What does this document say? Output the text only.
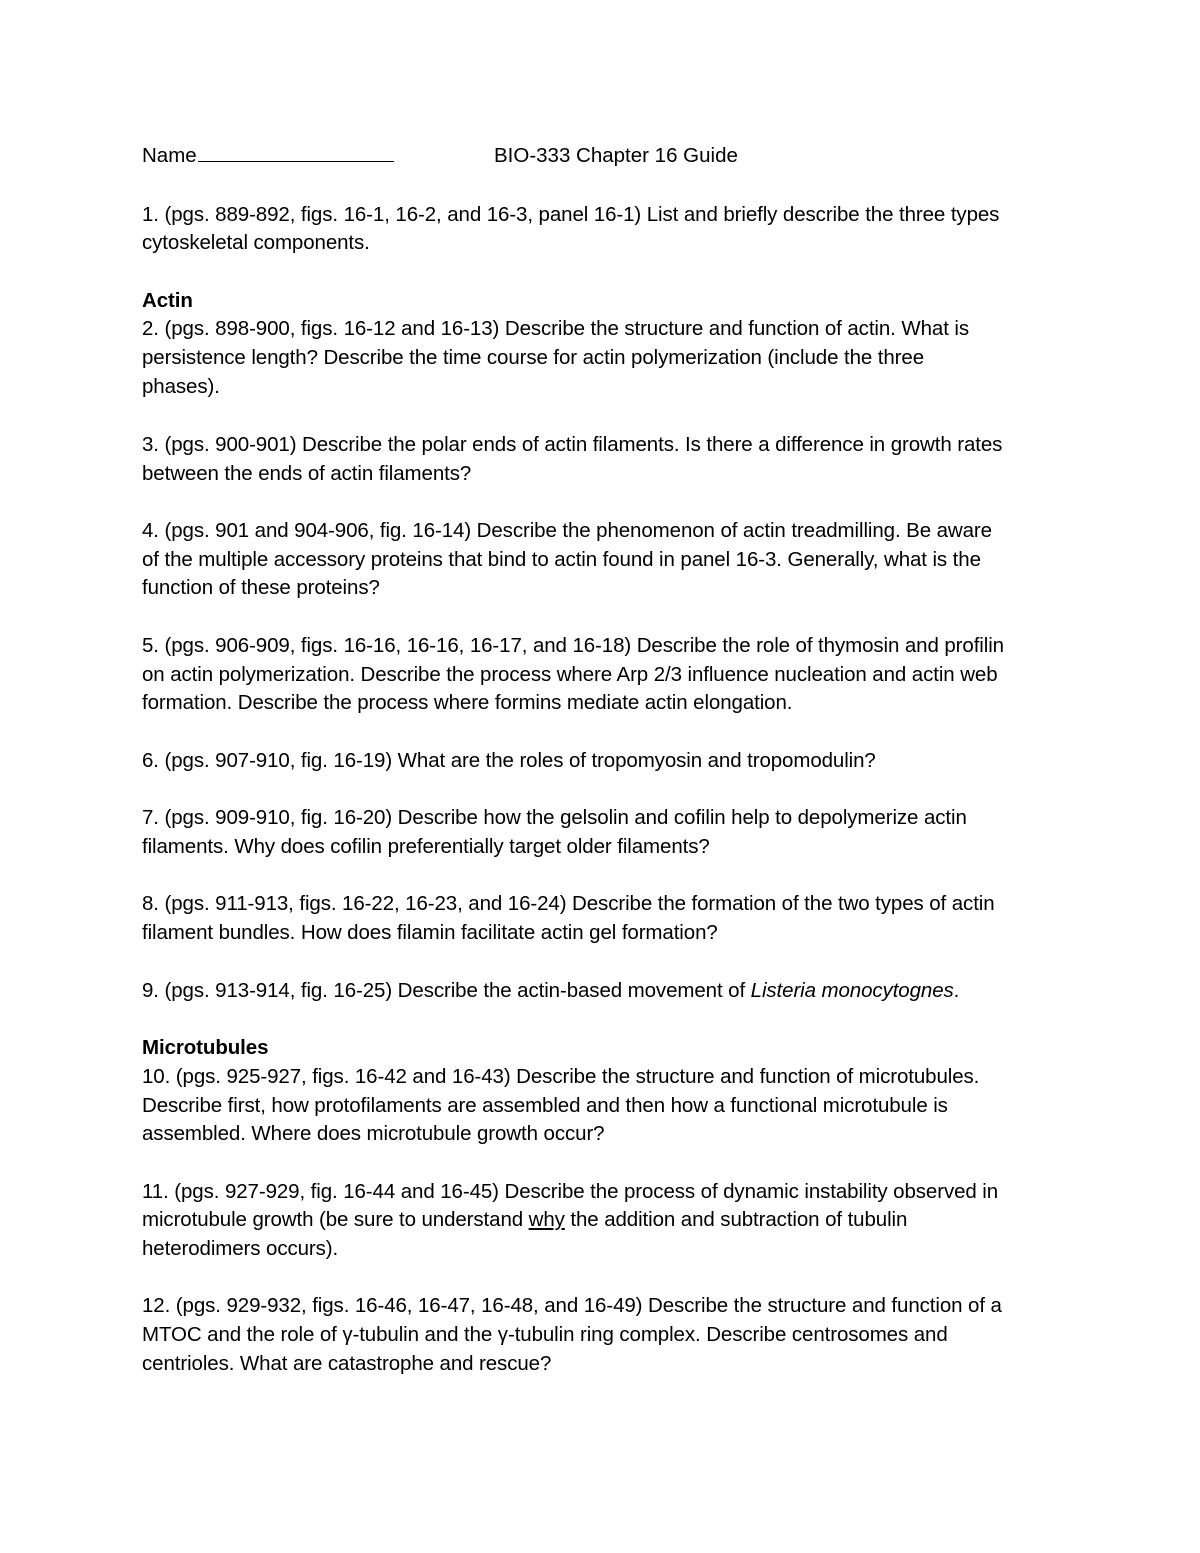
Name	BIO-333 Chapter 16 Guide
1. (pgs. 889-892, figs. 16-1, 16-2, and 16-3, panel 16-1) List and briefly describe the three types
cytoskeletal components.
Actin
2. (pgs. 898-900, figs. 16-12 and 16-13) Describe the structure and function of actin. What is
persistence length? Describe the time course for actin polymerization (include the three
phases).
3. (pgs. 900-901) Describe the polar ends of actin filaments. Is there a difference in growth rates
between the ends of actin filaments?
4. (pgs. 901 and 904-906, fig. 16-14) Describe the phenomenon of actin treadmilling. Be aware
of the multiple accessory proteins that bind to actin found in panel 16-3. Generally, what is the
function of these proteins?
5. (pgs. 906-909, figs. 16-16, 16-16, 16-17, and 16-18) Describe the role of thymosin and profilin
on actin polymerization. Describe the process where Arp 2/3 influence nucleation and actin web
formation. Describe the process where formins mediate actin elongation.
6. (pgs. 907-910, fig. 16-19) What are the roles of tropomyosin and tropomodulin?
7. (pgs. 909-910, fig. 16-20) Describe how the gelsolin and cofilin help to depolymerize actin
filaments. Why does cofilin preferentially target older filaments?
8. (pgs. 911-913, figs. 16-22, 16-23, and 16-24) Describe the formation of the two types of actin
filament bundles. How does filamin facilitate actin gel formation?
9. (pgs. 913-914, fig. 16-25) Describe the actin-based movement of Listeria monocytognes.
Microtubules
10. (pgs. 925-927, figs. 16-42 and 16-43) Describe the structure and function of microtubules.
Describe first, how protofilaments are assembled and then how a functional microtubule is
assembled. Where does microtubule growth occur?
11. (pgs. 927-929, fig. 16-44 and 16-45) Describe the process of dynamic instability observed in
microtubule growth (be sure to understand why the addition and subtraction of tubulin
heterodimers occurs).
12. (pgs. 929-932, figs. 16-46, 16-47, 16-48, and 16-49) Describe the structure and function of a
MTOC and the role of γ-tubulin and the γ-tubulin ring complex. Describe centrosomes and
centrioles. What are catastrophe and rescue?
